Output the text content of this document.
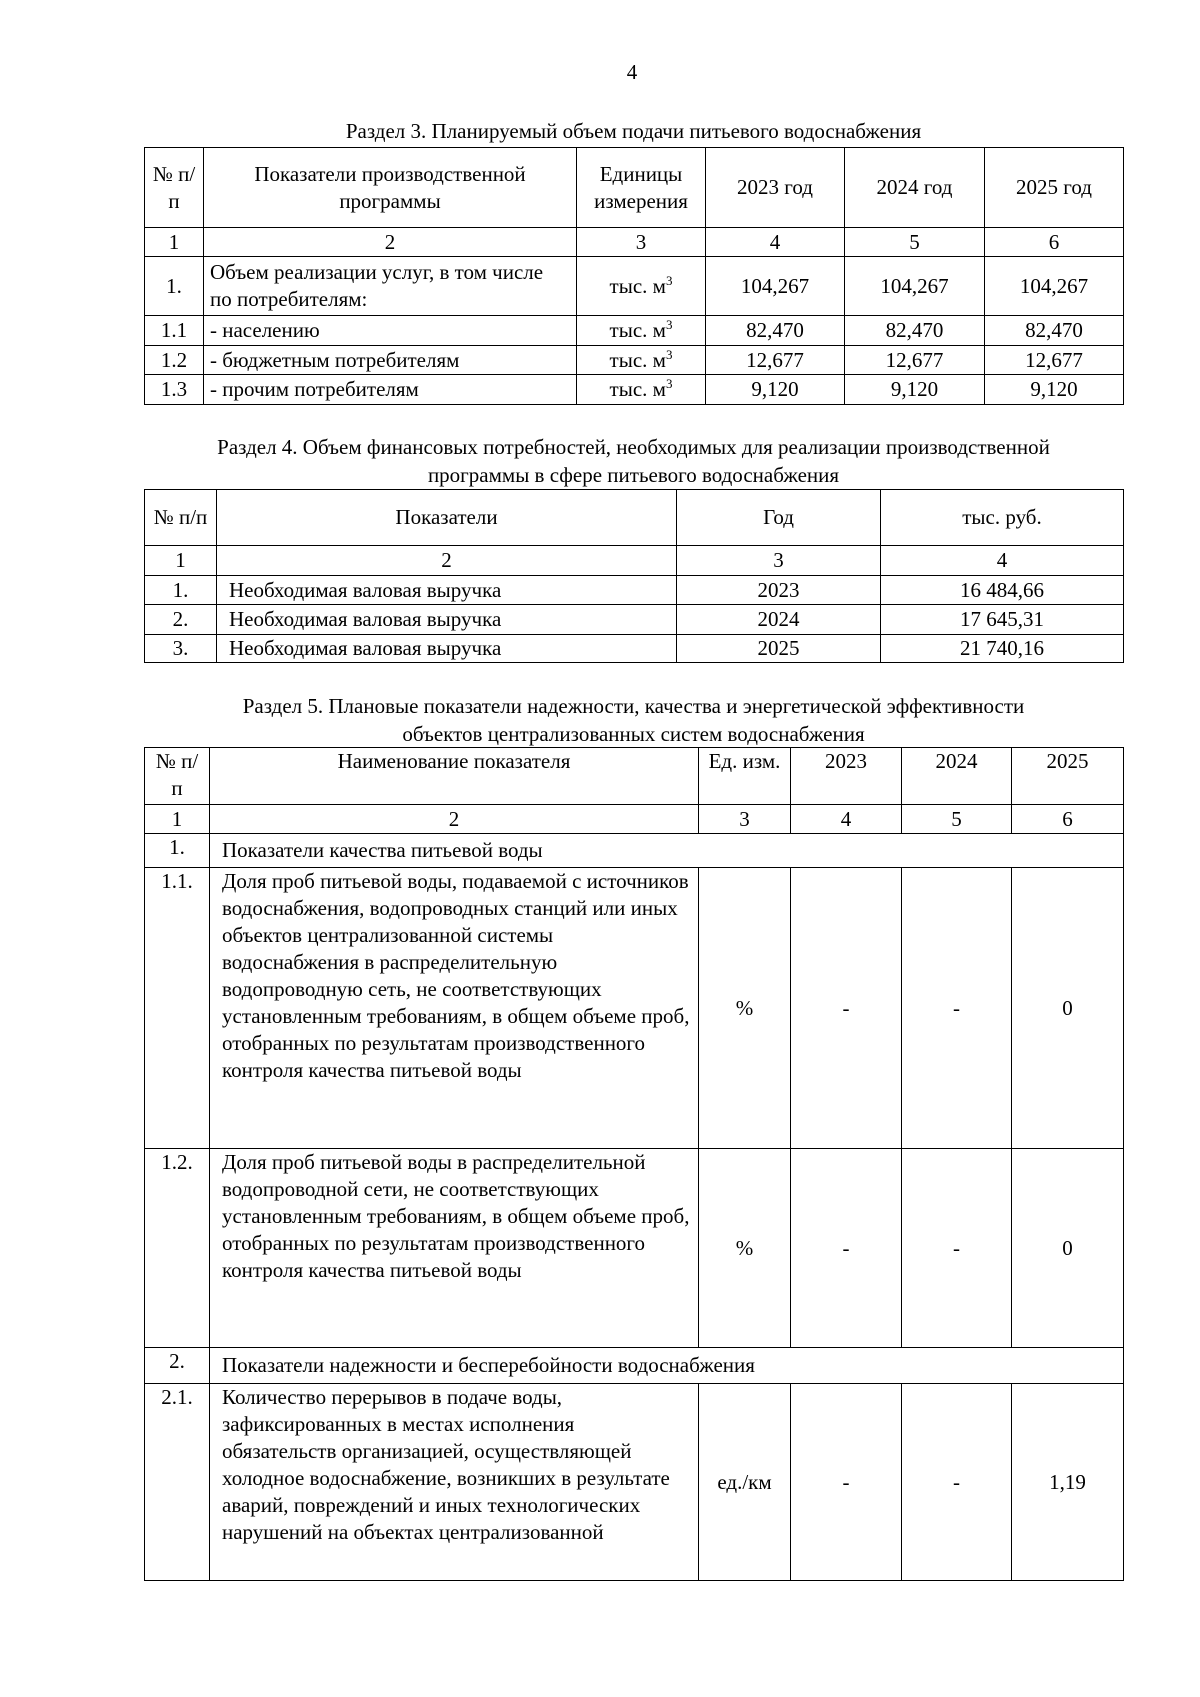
4
Раздел 3. Планируемый объем подачи питьевого водоснабжения
№ п/п	Показатели производственной программы	Единицы измерения	2023 год	2024 год	2025 год
1	2	3	4	5	6
1.	Объем реализации услуг, в том числе по потребителям:	тыс. $м^3$	104,267	104,267	104,267
1.1	- населению	тыс. $м^3$	82,470	82,470	82,470
1.2	- бюджетным потребителям	тыс. $м^3$	12,677	12,677	12,677
1.3	- прочим потребителям	тыс. $м^3$	9,120	9,120	9,120
Раздел 4. Объем финансовых потребностей, необходимых для реализации производственной
программы в сфере питьевого водоснабжения
№ п/п	Показатели	Год	тыс. руб.
1	2	3	4
1.	Необходимая валовая выручка	2023	16 484,66
2.	Необходимая валовая выручка	2024	17 645,31
3.	Необходимая валовая выручка	2025	21 740,16
Раздел 5. Плановые показатели надежности, качества и энергетической эффективности
объектов централизованных систем водоснабжения
№ п/п	Наименование показателя	Ед. изм.	2023	2024	2025
1	2	3	4	5	6
1.	Показатели качества питьевой воды				
1.1.	Доля проб питьевой воды, подаваемой с источников водоснабжения, водопроводных станций или иных объектов централизованной системы водоснабжения в распределительную водопроводную сеть, не соответствующих установленным требованиям, в общем объеме проб, отобранных по результатам производственного контроля качества питьевой воды	%	-	-	0
1.2.	Доля проб питьевой воды в распределительной водопроводной сети, не соответствующих установленным требованиям, в общем объеме проб, отобранных по результатам производственного контроля качества питьевой воды	%	-	-	0
2.	Показатели надежности и бесперебойности водоснабжения				
2.1.	Количество перерывов в подаче воды, зафиксированных в местах исполнения обязательств организацией, осуществляющей холодное водоснабжение, возникших в результате аварий, повреждений и иных технологических нарушений на объектах централизованной	ед./км	-	-	1,19
